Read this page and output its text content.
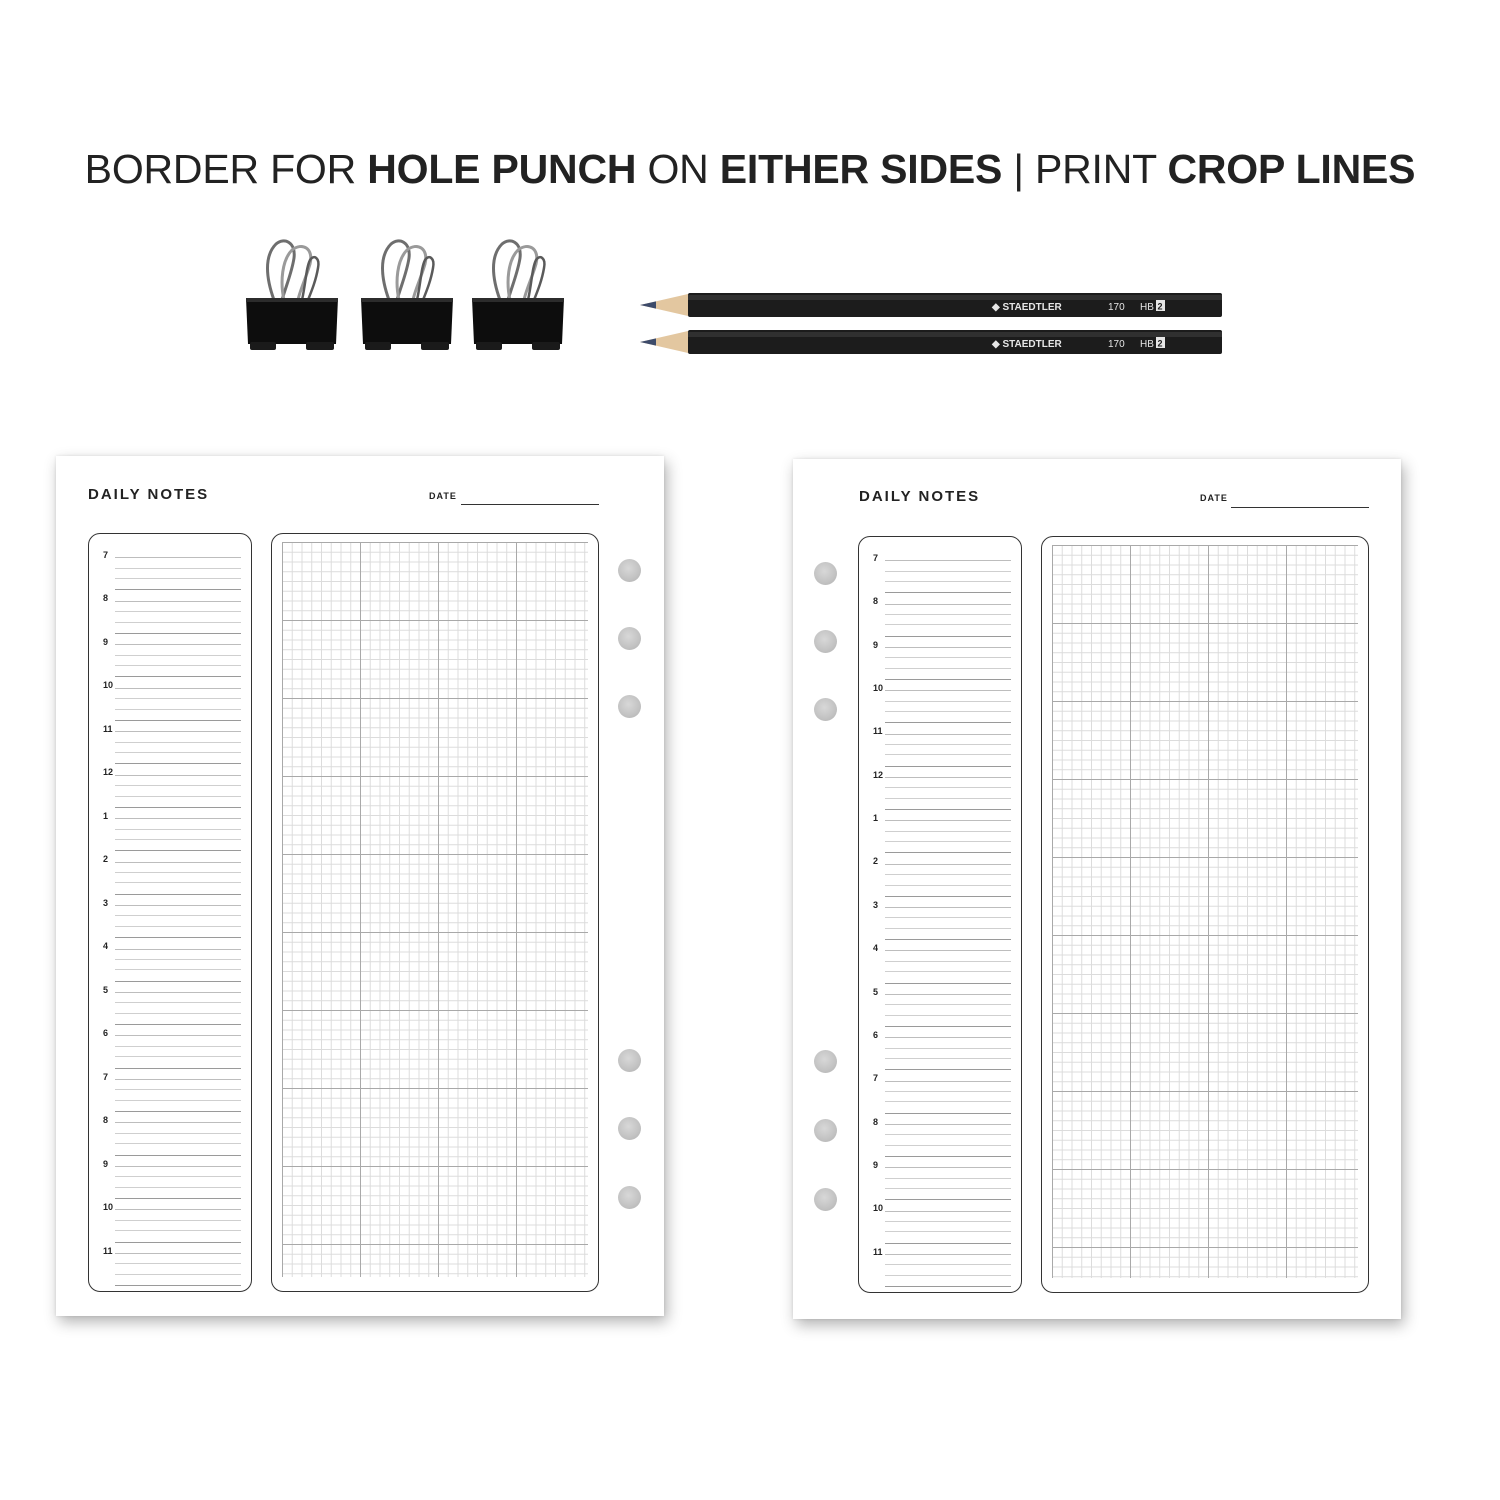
BORDER FOR HOLE PUNCH ON EITHER SIDES | PRINT CROP LINES
◆ STAEDTLER	170 HB 2
◆ STAEDTLER	170 HB 2
DAILY NOTES	DATE
7
8
9
10
11
12
1
2
3
4
5
6
7
8
9
10
11
DAILY NOTES	DATE
7
8
9
10
11
12
1
2
3
4
5
6
7
8
9
10
11
